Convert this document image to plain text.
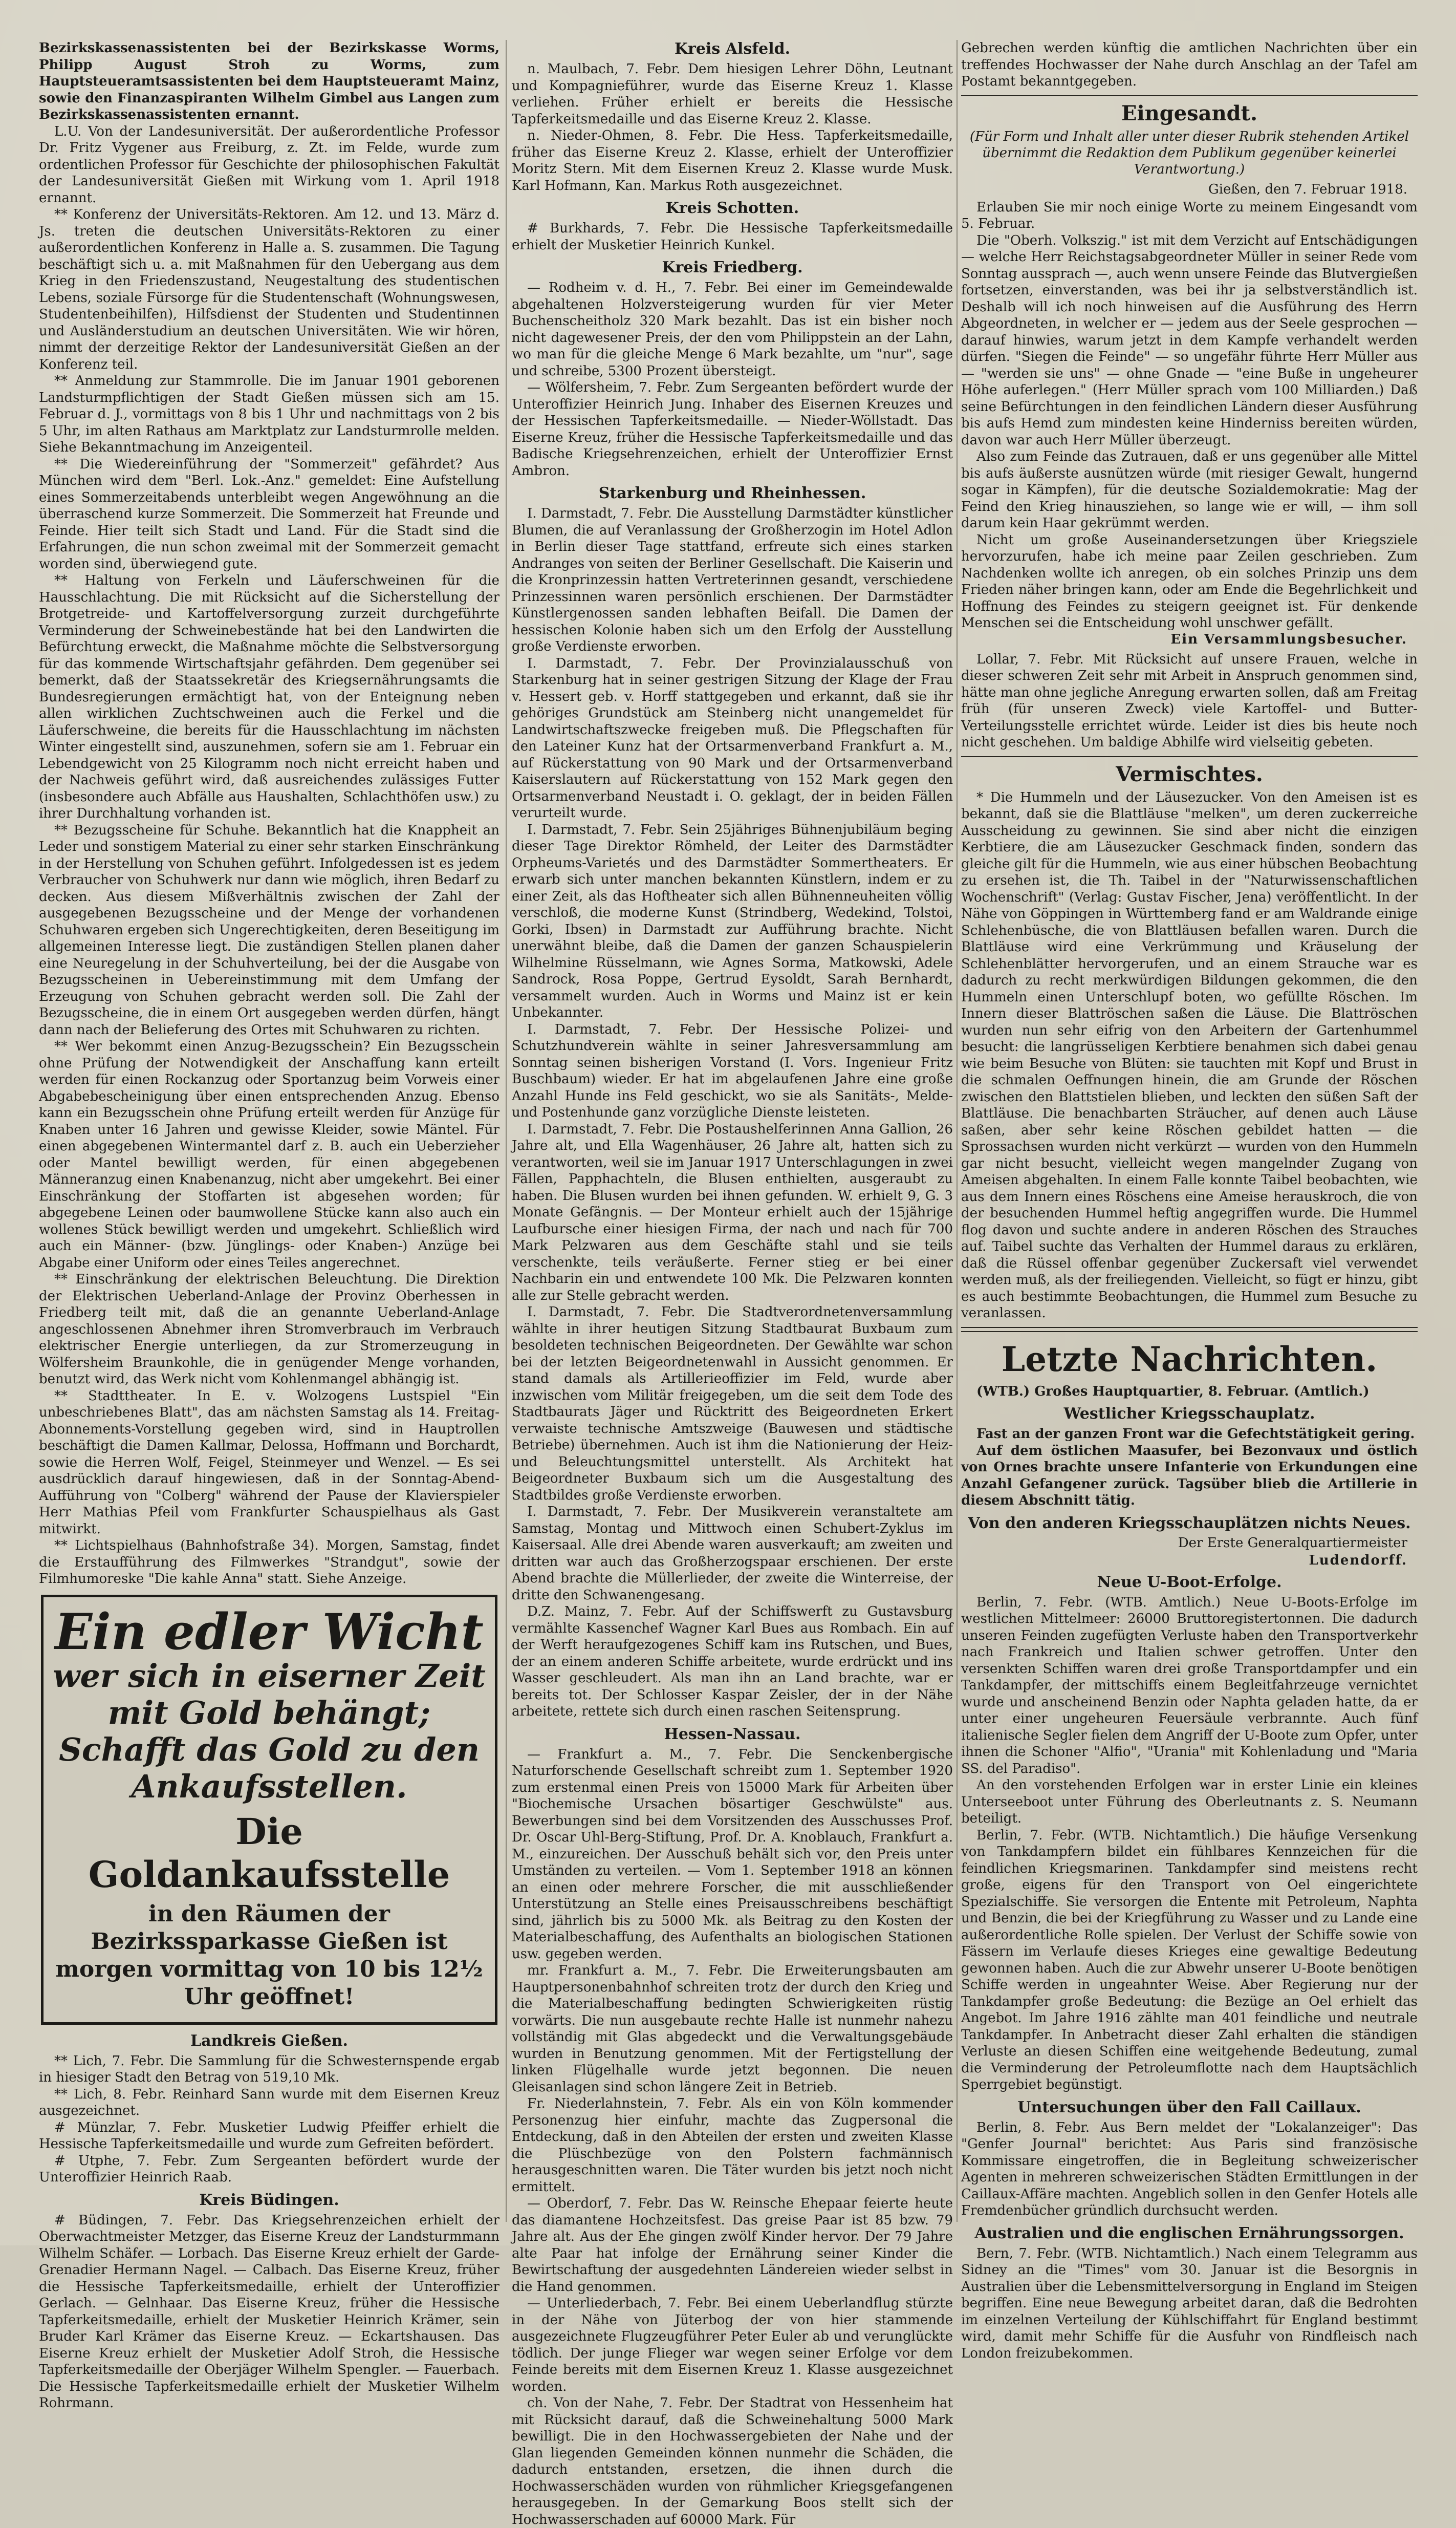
Bezirkskassenassistenten bei der Bezirkskasse Worms, Philipp August Stroh zu Worms, zum Hauptsteueramtsassistenten bei dem Hauptsteueramt Mainz, sowie den Finanzaspiranten Wilhelm Gimbel aus Langen zum Bezirkskassenassistenten ernannt.

L.U. Von der Landesuniversität. Der außerordentliche Professor Dr. Fritz Vygener aus Freiburg, z. Zt. im Felde, wurde zum ordentlichen Professor für Geschichte der philosophischen Fakultät der Landesuniversität Gießen mit Wirkung vom 1. April 1918 ernannt.

** Konferenz der Universitäts-Rektoren. Am 12. und 13. März d. Js. treten die deutschen Universitäts-Rektoren zu einer außerordentlichen Konferenz in Halle a. S. zusammen. Die Tagung beschäftigt sich u. a. mit Maßnahmen für den Uebergang aus dem Krieg in den Friedenszustand, Neugestaltung des studentischen Lebens, soziale Fürsorge für die Studentenschaft (Wohnungswesen, Studentenbeihilfen), Hilfsdienst der Studenten und Studentinnen und Ausländerstudium an deutschen Universitäten. Wie wir hören, nimmt der derzeitige Rektor der Landesuniversität Gießen an der Konferenz teil.

** Anmeldung zur Stammrolle. Die im Januar 1901 geborenen Landsturmpflichtigen der Stadt Gießen müssen sich am 15. Februar d. J., vormittags von 8 bis 1 Uhr und nachmittags von 2 bis 5 Uhr, im alten Rathaus am Marktplatz zur Landsturmrolle melden. Siehe Bekanntmachung im Anzeigenteil.

** Die Wiedereinführung der "Sommerzeit" gefährdet? Aus München wird dem "Berl. Lok.-Anz." gemeldet: Eine Aufstellung eines Sommerzeitabends unterbleibt wegen Angewöhnung an die überraschend kurze Sommerzeit. Die Sommerzeit hat Freunde und Feinde. Hier teilt sich Stadt und Land. Für die Stadt sind die Erfahrungen, die nun schon zweimal mit der Sommerzeit gemacht worden sind, überwiegend gute.

** Haltung von Ferkeln und Läuferschweinen für die Hausschlachtung. Die mit Rücksicht auf die Sicherstellung der Brotgetreide- und Kartoffelversorgung zurzeit durchgeführte Verminderung der Schweinebestände hat bei den Landwirten die Befürchtung erweckt, die Maßnahme möchte die Selbstversorgung für das kommende Wirtschaftsjahr gefährden. Dem gegenüber sei bemerkt, daß der Staatssekretär des Kriegsernährungsamts die Bundesregierungen ermächtigt hat, von der Enteignung neben allen wirklichen Zuchtschweinen auch die Ferkel und die Läuferschweine, die bereits für die Hausschlachtung im nächsten Winter eingestellt sind, auszunehmen, sofern sie am 1. Februar ein Lebendgewicht von 25 Kilogramm noch nicht erreicht haben und der Nachweis geführt wird, daß ausreichendes zulässiges Futter (insbesondere auch Abfälle aus Haushalten, Schlachthöfen usw.) zu ihrer Durchhaltung vorhanden ist.

** Bezugsscheine für Schuhe. Bekanntlich hat die Knappheit an Leder und sonstigem Material zu einer sehr starken Einschränkung in der Herstellung von Schuhen geführt. Infolgedessen ist es jedem Verbraucher von Schuhwerk nur dann wie möglich, ihren Bedarf zu decken. Aus diesem Mißverhältnis zwischen der Zahl der ausgegebenen Bezugsscheine und der Menge der vorhandenen Schuhwaren ergeben sich Ungerechtigkeiten, deren Beseitigung im allgemeinen Interesse liegt. Die zuständigen Stellen planen daher eine Neuregelung in der Schuhverteilung, bei der die Ausgabe von Bezugsscheinen in Uebereinstimmung mit dem Umfang der Erzeugung von Schuhen gebracht werden soll. Die Zahl der Bezugsscheine, die in einem Ort ausgegeben werden dürfen, hängt dann nach der Belieferung des Ortes mit Schuhwaren zu richten.

** Wer bekommt einen Anzug-Bezugsschein? Ein Bezugsschein ohne Prüfung der Notwendigkeit der Anschaffung kann erteilt werden für einen Rockanzug oder Sportanzug beim Vorweis einer Abgabebescheinigung über einen entsprechenden Anzug. Ebenso kann ein Bezugsschein ohne Prüfung erteilt werden für Anzüge für Knaben unter 16 Jahren und gewisse Kleider, sowie Mäntel. Für einen abgegebenen Wintermantel darf z. B. auch ein Ueberzieher oder Mantel bewilligt werden, für einen abgegebenen Männeranzug einen Knabenanzug, nicht aber umgekehrt. Bei einer Einschränkung der Stoffarten ist abgesehen worden; für abgegebene Leinen oder baumwollene Stücke kann also auch ein wollenes Stück bewilligt werden und umgekehrt. Schließlich wird auch ein Männer- (bzw. Jünglings- oder Knaben-) Anzüge bei Abgabe einer Uniform oder eines Teiles angerechnet.

** Einschränkung der elektrischen Beleuchtung. Die Direktion der Elektrischen Ueberland-Anlage der Provinz Oberhessen in Friedberg teilt mit, daß die an genannte Ueberland-Anlage angeschlossenen Abnehmer ihren Stromverbrauch im Verbrauch elektrischer Energie unterliegen, da zur Stromerzeugung in Wölfersheim Braunkohle, die in genügender Menge vorhanden, benutzt wird, das Werk nicht vom Kohlenmangel abhängig ist.

** Stadttheater. In E. v. Wolzogens Lustspiel "Ein unbeschriebenes Blatt", das am nächsten Samstag als 14. Freitag-Abonnements-Vorstellung gegeben wird, sind in Hauptrollen beschäftigt die Damen Kallmar, Delossa, Hoffmann und Borchardt, sowie die Herren Wolf, Feigel, Steinmeyer und Wenzel. — Es sei ausdrücklich darauf hingewiesen, daß in der Sonntag-Abend-Aufführung von "Colberg" während der Pause der Klavierspieler Herr Mathias Pfeil vom Frankfurter Schauspielhaus als Gast mitwirkt.

** Lichtspielhaus (Bahnhofstraße 34). Morgen, Samstag, findet die Erstaufführung des Filmwerkes "Strandgut", sowie der Filmhumoreske "Die kahle Anna" statt. Siehe Anzeige.

Ein edler Wicht
wer sich in eiserner Zeit mit Gold behängt; Schafft das Gold zu den Ankaufsstellen.
Die Goldankaufsstelle
in den Räumen der Bezirkssparkasse Gießen ist morgen vormittag von 10 bis 12½ Uhr geöffnet!
Landkreis Gießen.

** Lich, 7. Febr. Die Sammlung für die Schwesternspende ergab in hiesiger Stadt den Betrag von 519,10 Mk.

** Lich, 8. Febr. Reinhard Sann wurde mit dem Eisernen Kreuz ausgezeichnet.

# Münzlar, 7. Febr. Musketier Ludwig Pfeiffer erhielt die Hessische Tapferkeitsmedaille und wurde zum Gefreiten befördert.

# Utphe, 7. Febr. Zum Sergeanten befördert wurde der Unteroffizier Heinrich Raab.

Kreis Büdingen.

# Büdingen, 7. Febr. Das Kriegsehrenzeichen erhielt der Oberwachtmeister Metzger, das Eiserne Kreuz der Landsturmmann Wilhelm Schäfer. — Lorbach. Das Eiserne Kreuz erhielt der Garde-Grenadier Hermann Nagel. — Calbach. Das Eiserne Kreuz, früher die Hessische Tapferkeitsmedaille, erhielt der Unteroffizier Gerlach. — Gelnhaar. Das Eiserne Kreuz, früher die Hessische Tapferkeitsmedaille, erhielt der Musketier Heinrich Krämer, sein Bruder Karl Krämer das Eiserne Kreuz. — Eckartshausen. Das Eiserne Kreuz erhielt der Musketier Adolf Stroh, die Hessische Tapferkeitsmedaille der Oberjäger Wilhelm Spengler. — Fauerbach. Die Hessische Tapferkeitsmedaille erhielt der Musketier Wilhelm Rohrmann.

Kreis Alsfeld.

n. Maulbach, 7. Febr. Dem hiesigen Lehrer Döhn, Leutnant und Kompagnieführer, wurde das Eiserne Kreuz 1. Klasse verliehen. Früher erhielt er bereits die Hessische Tapferkeitsmedaille und das Eiserne Kreuz 2. Klasse.

n. Nieder-Ohmen, 8. Febr. Die Hess. Tapferkeitsmedaille, früher das Eiserne Kreuz 2. Klasse, erhielt der Unteroffizier Moritz Stern. Mit dem Eisernen Kreuz 2. Klasse wurde Musk. Karl Hofmann, Kan. Markus Roth ausgezeichnet.

Kreis Schotten.

# Burkhards, 7. Febr. Die Hessische Tapferkeitsmedaille erhielt der Musketier Heinrich Kunkel.

Kreis Friedberg.

— Rodheim v. d. H., 7. Febr. Bei einer im Gemeindewalde abgehaltenen Holzversteigerung wurden für vier Meter Buchenscheitholz 320 Mark bezahlt. Das ist ein bisher noch nicht dagewesener Preis, der den vom Philippstein an der Lahn, wo man für die gleiche Menge 6 Mark bezahlte, um "nur", sage und schreibe, 5300 Prozent übersteigt.

— Wölfersheim, 7. Febr. Zum Sergeanten befördert wurde der Unteroffizier Heinrich Jung. Inhaber des Eisernen Kreuzes und der Hessischen Tapferkeitsmedaille. — Nieder-Wöllstadt. Das Eiserne Kreuz, früher die Hessische Tapferkeitsmedaille und das Badische Kriegsehrenzeichen, erhielt der Unteroffizier Ernst Ambron.

Starkenburg und Rheinhessen.

I. Darmstadt, 7. Febr. Die Ausstellung Darmstädter künstlicher Blumen, die auf Veranlassung der Großherzogin im Hotel Adlon in Berlin dieser Tage stattfand, erfreute sich eines starken Andranges von seiten der Berliner Gesellschaft. Die Kaiserin und die Kronprinzessin hatten Vertreterinnen gesandt, verschiedene Prinzessinnen waren persönlich erschienen. Der Darmstädter Künstlergenossen sanden lebhaften Beifall. Die Damen der hessischen Kolonie haben sich um den Erfolg der Ausstellung große Verdienste erworben.

I. Darmstadt, 7. Febr. Der Provinzialausschuß von Starkenburg hat in seiner gestrigen Sitzung der Klage der Frau v. Hessert geb. v. Horff stattgegeben und erkannt, daß sie ihr gehöriges Grundstück am Steinberg nicht unangemeldet für Landwirtschaftszwecke freigeben muß. Die Pflegschaften für den Lateiner Kunz hat der Ortsarmenverband Frankfurt a. M., auf Rückerstattung von 90 Mark und der Ortsarmenverband Kaiserslautern auf Rückerstattung von 152 Mark gegen den Ortsarmenverband Neustadt i. O. geklagt, der in beiden Fällen verurteilt wurde.

I. Darmstadt, 7. Febr. Sein 25jähriges Bühnenjubiläum beging dieser Tage Direktor Römheld, der Leiter des Darmstädter Orpheums-Varietés und des Darmstädter Sommertheaters. Er erwarb sich unter manchen bekannten Künstlern, indem er zu einer Zeit, als das Hoftheater sich allen Bühnenneuheiten völlig verschloß, die moderne Kunst (Strindberg, Wedekind, Tolstoi, Gorki, Ibsen) in Darmstadt zur Aufführung brachte. Nicht unerwähnt bleibe, daß die Damen der ganzen Schauspielerin Wilhelmine Rüsselmann, wie Agnes Sorma, Matkowski, Adele Sandrock, Rosa Poppe, Gertrud Eysoldt, Sarah Bernhardt, versammelt wurden. Auch in Worms und Mainz ist er kein Unbekannter.

I. Darmstadt, 7. Febr. Der Hessische Polizei- und Schutzhundverein wählte in seiner Jahresversammlung am Sonntag seinen bisherigen Vorstand (I. Vors. Ingenieur Fritz Buschbaum) wieder. Er hat im abgelaufenen Jahre eine große Anzahl Hunde ins Feld geschickt, wo sie als Sanitäts-, Melde- und Postenhunde ganz vorzügliche Dienste leisteten.

I. Darmstadt, 7. Febr. Die Postaushelferinnen Anna Gallion, 26 Jahre alt, und Ella Wagenhäuser, 26 Jahre alt, hatten sich zu verantworten, weil sie im Januar 1917 Unterschlagungen in zwei Fällen, Papphachteln, die Blusen enthielten, ausgeraubt zu haben. Die Blusen wurden bei ihnen gefunden. W. erhielt 9, G. 3 Monate Gefängnis. — Der Monteur erhielt auch der 15jährige Laufbursche einer hiesigen Firma, der nach und nach für 700 Mark Pelzwaren aus dem Geschäfte stahl und sie teils verschenkte, teils veräußerte. Ferner stieg er bei einer Nachbarin ein und entwendete 100 Mk. Die Pelzwaren konnten alle zur Stelle gebracht werden.

I. Darmstadt, 7. Febr. Die Stadtverordnetenversammlung wählte in ihrer heutigen Sitzung Stadtbaurat Buxbaum zum besoldeten technischen Beigeordneten. Der Gewählte war schon bei der letzten Beigeordnetenwahl in Aussicht genommen. Er stand damals als Artillerieoffizier im Feld, wurde aber inzwischen vom Militär freigegeben, um die seit dem Tode des Stadtbaurats Jäger und Rücktritt des Beigeordneten Erkert verwaiste technische Amtszweige (Bauwesen und städtische Betriebe) übernehmen. Auch ist ihm die Nationierung der Heiz- und Beleuchtungsmittel unterstellt. Als Architekt hat Beigeordneter Buxbaum sich um die Ausgestaltung des Stadtbildes große Verdienste erworben.

I. Darmstadt, 7. Febr. Der Musikverein veranstaltete am Samstag, Montag und Mittwoch einen Schubert-Zyklus im Kaisersaal. Alle drei Abende waren ausverkauft; am zweiten und dritten war auch das Großherzogspaar erschienen. Der erste Abend brachte die Müllerlieder, der zweite die Winterreise, der dritte den Schwanengesang.

D.Z. Mainz, 7. Febr. Auf der Schiffswerft zu Gustavsburg vermählte Kassenchef Wagner Karl Bues aus Rombach. Ein auf der Werft heraufgezogenes Schiff kam ins Rutschen, und Bues, der an einem anderen Schiffe arbeitete, wurde erdrückt und ins Wasser geschleudert. Als man ihn an Land brachte, war er bereits tot. Der Schlosser Kaspar Zeisler, der in der Nähe arbeitete, rettete sich durch einen raschen Seitensprung.

Hessen-Nassau.

— Frankfurt a. M., 7. Febr. Die Senckenbergische Naturforschende Gesellschaft schreibt zum 1. September 1920 zum erstenmal einen Preis von 15000 Mark für Arbeiten über "Biochemische Ursachen bösartiger Geschwülste" aus. Bewerbungen sind bei dem Vorsitzenden des Ausschusses Prof. Dr. Oscar Uhl-Berg-Stiftung, Prof. Dr. A. Knoblauch, Frankfurt a. M., einzureichen. Der Ausschuß behält sich vor, den Preis unter Umständen zu verteilen. — Vom 1. September 1918 an können an einen oder mehrere Forscher, die mit ausschließender Unterstützung an Stelle eines Preisausschreibens beschäftigt sind, jährlich bis zu 5000 Mk. als Beitrag zu den Kosten der Materialbeschaffung, des Aufenthalts an biologischen Stationen usw. gegeben werden.

mr. Frankfurt a. M., 7. Febr. Die Erweiterungsbauten am Hauptpersonenbahnhof schreiten trotz der durch den Krieg und die Materialbeschaffung bedingten Schwierigkeiten rüstig vorwärts. Die nun ausgebaute rechte Halle ist nunmehr nahezu vollständig mit Glas abgedeckt und die Verwaltungsgebäude wurden in Benutzung genommen. Mit der Fertigstellung der linken Flügelhalle wurde jetzt begonnen. Die neuen Gleisanlagen sind schon längere Zeit in Betrieb.

Fr. Niederlahnstein, 7. Febr. Als ein von Köln kommender Personenzug hier einfuhr, machte das Zugpersonal die Entdeckung, daß in den Abteilen der ersten und zweiten Klasse die Plüschbezüge von den Polstern fachmännisch herausgeschnitten waren. Die Täter wurden bis jetzt noch nicht ermittelt.

— Oberdorf, 7. Febr. Das W. Reinsche Ehepaar feierte heute das diamantene Hochzeitsfest. Das greise Paar ist 85 bzw. 79 Jahre alt. Aus der Ehe gingen zwölf Kinder hervor. Der 79 Jahre alte Paar hat infolge der Ernährung seiner Kinder die Bewirtschaftung der ausgedehnten Ländereien wieder selbst in die Hand genommen.

— Unterliederbach, 7. Febr. Bei einem Ueberlandflug stürzte in der Nähe von Jüterbog der von hier stammende ausgezeichnete Flugzeugführer Peter Euler ab und verunglückte tödlich. Der junge Flieger war wegen seiner Erfolge vor dem Feinde bereits mit dem Eisernen Kreuz 1. Klasse ausgezeichnet worden.

ch. Von der Nahe, 7. Febr. Der Stadtrat von Hessenheim hat mit Rücksicht darauf, daß die Schweinehaltung 5000 Mark bewilligt. Die in den Hochwassergebieten der Nahe und der Glan liegenden Gemeinden können nunmehr die Schäden, die dadurch entstanden, ersetzen, die ihnen durch die Hochwasserschäden wurden von rühmlicher Kriegsgefangenen herausgegeben. In der Gemarkung Boos stellt sich der Hochwasserschaden auf 60000 Mark. Für

Gebrechen werden künftig die amtlichen Nachrichten über ein treffendes Hochwasser der Nahe durch Anschlag an der Tafel am Postamt bekanntgegeben.

Eingesandt.
(Für Form und Inhalt aller unter dieser Rubrik stehenden Artikel übernimmt die Redaktion dem Publikum gegenüber keinerlei Verantwortung.)
Gießen, den 7. Februar 1918.

Erlauben Sie mir noch einige Worte zu meinem Eingesandt vom 5. Februar.

Die "Oberh. Volkszig." ist mit dem Verzicht auf Entschädigungen — welche Herr Reichstagsabgeordneter Müller in seiner Rede vom Sonntag aussprach —, auch wenn unsere Feinde das Blutvergießen fortsetzen, einverstanden, was bei ihr ja selbstverständlich ist. Deshalb will ich noch hinweisen auf die Ausführung des Herrn Abgeordneten, in welcher er — jedem aus der Seele gesprochen — darauf hinwies, warum jetzt in dem Kampfe verhandelt werden dürfen. "Siegen die Feinde" — so ungefähr führte Herr Müller aus — "werden sie uns" — ohne Gnade — "eine Buße in ungeheurer Höhe auferlegen." (Herr Müller sprach vom 100 Milliarden.) Daß seine Befürchtungen in den feindlichen Ländern dieser Ausführung bis aufs Hemd zum mindesten keine Hinderniss bereiten würden, davon war auch Herr Müller überzeugt.

Also zum Feinde das Zutrauen, daß er uns gegenüber alle Mittel bis aufs äußerste ausnützen würde (mit riesiger Gewalt, hungernd sogar in Kämpfen), für die deutsche Sozialdemokratie: Mag der Feind den Krieg hinausziehen, so lange wie er will, — ihm soll darum kein Haar gekrümmt werden.

Nicht um große Auseinandersetzungen über Kriegsziele hervorzurufen, habe ich meine paar Zeilen geschrieben. Zum Nachdenken wollte ich anregen, ob ein solches Prinzip uns dem Frieden näher bringen kann, oder am Ende die Begehrlichkeit und Hoffnung des Feindes zu steigern geeignet ist. Für denkende Menschen sei die Entscheidung wohl unschwer gefällt.

Ein Versammlungsbesucher.

Lollar, 7. Febr. Mit Rücksicht auf unsere Frauen, welche in dieser schweren Zeit sehr mit Arbeit in Anspruch genommen sind, hätte man ohne jegliche Anregung erwarten sollen, daß am Freitag früh (für unseren Zweck) viele Kartoffel- und Butter-Verteilungsstelle errichtet würde. Leider ist dies bis heute noch nicht geschehen. Um baldige Abhilfe wird vielseitig gebeten.

Vermischtes.

* Die Hummeln und der Läusezucker. Von den Ameisen ist es bekannt, daß sie die Blattläuse "melken", um deren zuckerreiche Ausscheidung zu gewinnen. Sie sind aber nicht die einzigen Kerbtiere, die am Läusezucker Geschmack finden, sondern das gleiche gilt für die Hummeln, wie aus einer hübschen Beobachtung zu ersehen ist, die Th. Taibel in der "Naturwissenschaftlichen Wochenschrift" (Verlag: Gustav Fischer, Jena) veröffentlicht. In der Nähe von Göppingen in Württemberg fand er am Waldrande einige Schlehenbüsche, die von Blattläusen befallen waren. Durch die Blattläuse wird eine Verkrümmung und Kräuselung der Schlehenblätter hervorgerufen, und an einem Strauche war es dadurch zu recht merkwürdigen Bildungen gekommen, die den Hummeln einen Unterschlupf boten, wo gefüllte Röschen. Im Innern dieser Blattröschen saßen die Läuse. Die Blattröschen wurden nun sehr eifrig von den Arbeitern der Gartenhummel besucht: die langrüsseligen Kerbtiere benahmen sich dabei genau wie beim Besuche von Blüten: sie tauchten mit Kopf und Brust in die schmalen Oeffnungen hinein, die am Grunde der Röschen zwischen den Blattstielen blieben, und leckten den süßen Saft der Blattläuse. Die benachbarten Sträucher, auf denen auch Läuse saßen, aber sehr keine Röschen gebildet hatten — die Sprossachsen wurden nicht verkürzt — wurden von den Hummeln gar nicht besucht, vielleicht wegen mangelnder Zugang von Ameisen abgehalten. In einem Falle konnte Taibel beobachten, wie aus dem Innern eines Röschens eine Ameise herauskroch, die von der besuchenden Hummel heftig angegriffen wurde. Die Hummel flog davon und suchte andere in anderen Röschen des Strauches auf. Taibel suchte das Verhalten der Hummel daraus zu erklären, daß die Rüssel offenbar gegenüber Zuckersaft viel verwendet werden muß, als der freiliegenden. Vielleicht, so fügt er hinzu, gibt es auch bestimmte Beobachtungen, die Hummel zum Besuche zu veranlassen.

Letzte Nachrichten.

(WTB.) Großes Hauptquartier, 8. Februar. (Amtlich.)

Westlicher Kriegsschauplatz.

Fast an der ganzen Front war die Gefechtstätigkeit gering.

Auf dem östlichen Maasufer, bei Bezonvaux und östlich von Ornes brachte unsere Infanterie von Erkundungen eine Anzahl Gefangener zurück. Tagsüber blieb die Artillerie in diesem Abschnitt tätig.

Von den anderen Kriegsschauplätzen nichts Neues.
Der Erste Generalquartiermeister
Ludendorff.
Neue U-Boot-Erfolge.

Berlin, 7. Febr. (WTB. Amtlich.) Neue U-Boots-Erfolge im westlichen Mittelmeer: 26000 Bruttoregistertonnen. Die dadurch unseren Feinden zugefügten Verluste haben den Transportverkehr nach Frankreich und Italien schwer getroffen. Unter den versenkten Schiffen waren drei große Transportdampfer und ein Tankdampfer, der mittschiffs einem Begleitfahrzeuge vernichtet wurde und anscheinend Benzin oder Naphta geladen hatte, da er unter einer ungeheuren Feuersäule verbrannte. Auch fünf italienische Segler fielen dem Angriff der U-Boote zum Opfer, unter ihnen die Schoner "Alfio", "Urania" mit Kohlenladung und "Maria SS. del Paradiso".

An den vorstehenden Erfolgen war in erster Linie ein kleines Unterseeboot unter Führung des Oberleutnants z. S. Neumann beteiligt.

Berlin, 7. Febr. (WTB. Nichtamtlich.) Die häufige Versenkung von Tankdampfern bildet ein fühlbares Kennzeichen für die feindlichen Kriegsmarinen. Tankdampfer sind meistens recht große, eigens für den Transport von Oel eingerichtete Spezialschiffe. Sie versorgen die Entente mit Petroleum, Naphta und Benzin, die bei der Kriegführung zu Wasser und zu Lande eine außerordentliche Rolle spielen. Der Verlust der Schiffe sowie von Fässern im Verlaufe dieses Krieges eine gewaltige Bedeutung gewonnen haben. Auch die zur Abwehr unserer U-Boote benötigen Schiffe werden in ungeahnter Weise. Aber Regierung nur der Tankdampfer große Bedeutung: die Bezüge an Oel erhielt das Angebot. Im Jahre 1916 zählte man 401 feindliche und neutrale Tankdampfer. In Anbetracht dieser Zahl erhalten die ständigen Verluste an diesen Schiffen eine weitgehende Bedeutung, zumal die Verminderung der Petroleumflotte nach dem Hauptsächlich Sperrgebiet begünstigt.

Untersuchungen über den Fall Caillaux.

Berlin, 8. Febr. Aus Bern meldet der "Lokalanzeiger": Das "Genfer Journal" berichtet: Aus Paris sind französische Kommissare eingetroffen, die in Begleitung schweizerischer Agenten in mehreren schweizerischen Städten Ermittlungen in der Caillaux-Affäre machten. Angeblich sollen in den Genfer Hotels alle Fremdenbücher gründlich durchsucht werden.

Australien und die englischen Ernährungssorgen.

Bern, 7. Febr. (WTB. Nichtamtlich.) Nach einem Telegramm aus Sidney an die "Times" vom 30. Januar ist die Besorgnis in Australien über die Lebensmittelversorgung in England im Steigen begriffen. Eine neue Bewegung arbeitet daran, daß die Bedrohten im einzelnen Verteilung der Kühlschiffahrt für England bestimmt wird, damit mehr Schiffe für die Ausfuhr von Rindfleisch nach London freizubekommen.
